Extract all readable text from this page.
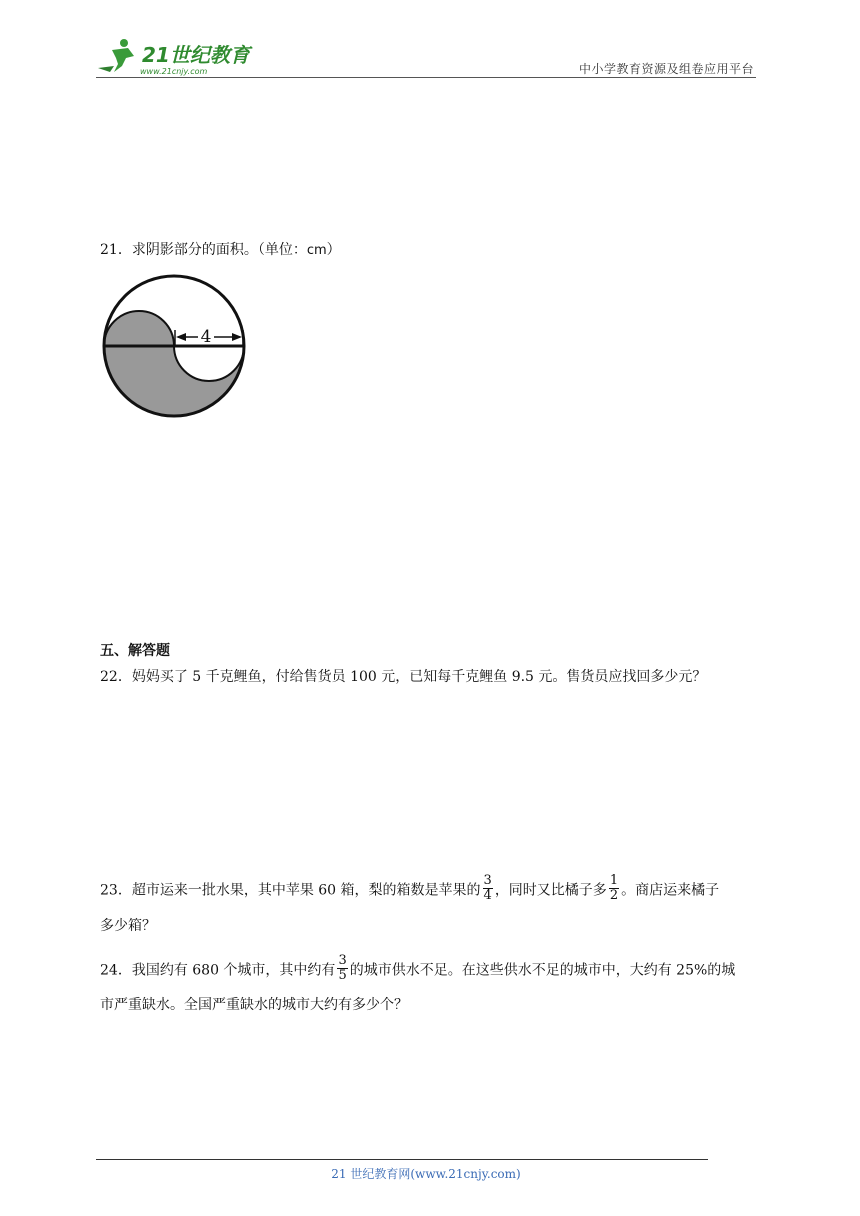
21世纪教育
www.21cnjy.com	中小学教育资源及组卷应用平台
21．求阴影部分的面积。（单位：cm）
4
五、解答题
22．妈妈买了 5 千克鲤鱼，付给售货员 100 元，已知每千克鲤鱼 9.5 元。售货员应找回多少元？
23．超市运来一批水果，其中苹果 60 箱，梨的箱数是苹果的 $\frac{3}{4}$ ，同时又比橘子多 $\frac{1}{2}$ 。商店运来橘子
多少箱？
24．我国约有 680 个城市，其中约有 $\frac{3}{5}$ 的城市供水不足。在这些供水不足的城市中，大约有 25%的城
市严重缺水。全国严重缺水的城市大约有多少个？
21 世纪教育网(www.21cnjy.com)
